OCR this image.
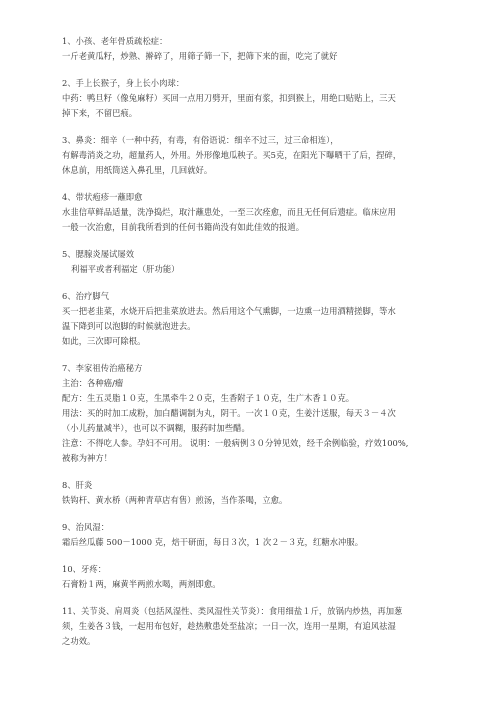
1、小孩、老年骨质疏松症：
一斤老黄瓜籽，炒熟、擀碎了，用筛子筛一下，把筛下来的面，吃完了就好
2、手上长猴子，身上长小肉球：
中药：鸭旦籽（像兔麻籽）买回一点用刀劈开，里面有浆，扣到猴上，用绝口贴贴上，三天
掉下来，不留巴痕。
3、鼻炎：细辛（一种中药，有毒，有俗语说：细辛不过三，过三命相连），
有解毒消炎之功，超量药人，外用。外形像地瓜秧子。买5克，在阳光下曝晒干了后，捏碎，
休息前，用纸筒送入鼻孔里，几回就好。
4、带状疱疹一蘸即愈
水韭信草鲜品适量，洗净捣烂，取汁蘸患处，一至三次痊愈，而且无任何后遗症。临床应用
一般一次治愈，目前我所看到的任何书籍尚没有如此佳效的报道。
5、腮腺炎屡试屡效
利福平或者利福定（肝功能）
6、治疗脚气
买一把老韭菜，水烧开后把韭菜放进去。然后用这个气熏脚，一边熏一边用酒精搓脚，等水
温下降到可以泡脚的时候就泡进去。
如此，三次即可除根。
7、李家祖传治癌秘方
主治：各种癌/瘤
配方：生五灵脂１０克，生黑牵牛２０克，生香附子１０克，生广木香１０克。
用法：买的时加工成粉，加白醋调制为丸，阴干。一次１０克，生姜汁送服，每天３－４次
（小儿药量减半），也可以不调糊，服药时加些醋。
注意：不得吃人参。孕妇不可用。 说明：一般病例３０分钟见效，经千余例临验，疗效100%,
被称为神方！
8、肝炎
铁钩杆、黄水桥（两种青草店有售）煎汤，当作茶喝，立愈。
9、治风湿：
霜后丝瓜藤 500－1000 克，焙干研面，每日３次，1 次２－３克，红糖水冲服。
10、牙疼：
石膏粉１两，麻黄半两煎水喝，两剂即愈。
11、关节炎、肩周炎（包括风湿性、类风湿性关节炎）：食用细盐１斤，放锅内炒热，再加葱
须，生姜各３钱，一起用布包好，趁热敷患处至盐凉；一日一次，连用一星期，有追风祛湿
之功效。
